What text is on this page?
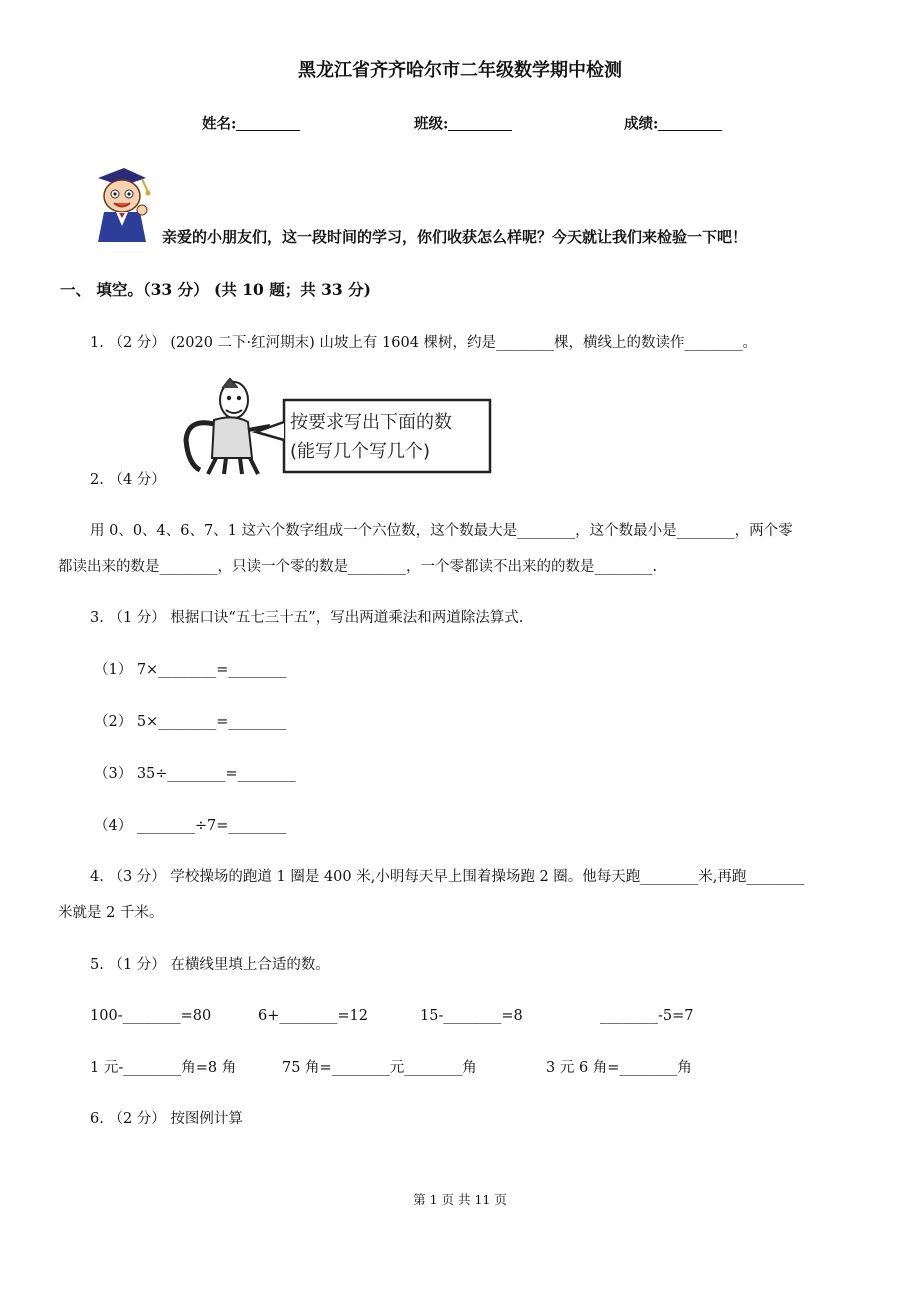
黑龙江省齐齐哈尔市二年级数学期中检测
姓名:	班级:	成绩:
亲爱的小朋友们，这一段时间的学习，你们收获怎么样呢？今天就让我们来检验一下吧！
一、 填空。（33 分） (共 10 题；共 33 分)
1. （2 分） (2020 二下·红河期末) 山坡上有 1604 棵树，约是________棵，横线上的数读作________。
按要求写出下面的数
(能写几个写几个)
2. （4 分）
用 0、0、4、6、7、1 这六个数字组成一个六位数，这个数最大是________，这个数最小是________，两个零
都读出来的数是________，只读一个零的数是________，一个零都读不出来的的数是________.
3. （1 分） 根据口诀“五七三十五”，写出两道乘法和两道除法算式.
（1） 7×________=________
（2） 5×________=________
（3） 35÷________=________
（4） ________÷7=________
4. （3 分） 学校操场的跑道 1 圈是 400 米,小明每天早上围着操场跑 2 圈。他每天跑________米,再跑________
米就是 2 千米。
5. （1 分） 在横线里填上合适的数。
100-________=80	6+________=12	15-________=8	________-5=7
1 元-________角=8 角	75 角=________元________角	3 元 6 角=________角
6. （2 分） 按图例计算
第 1 页 共 11 页
